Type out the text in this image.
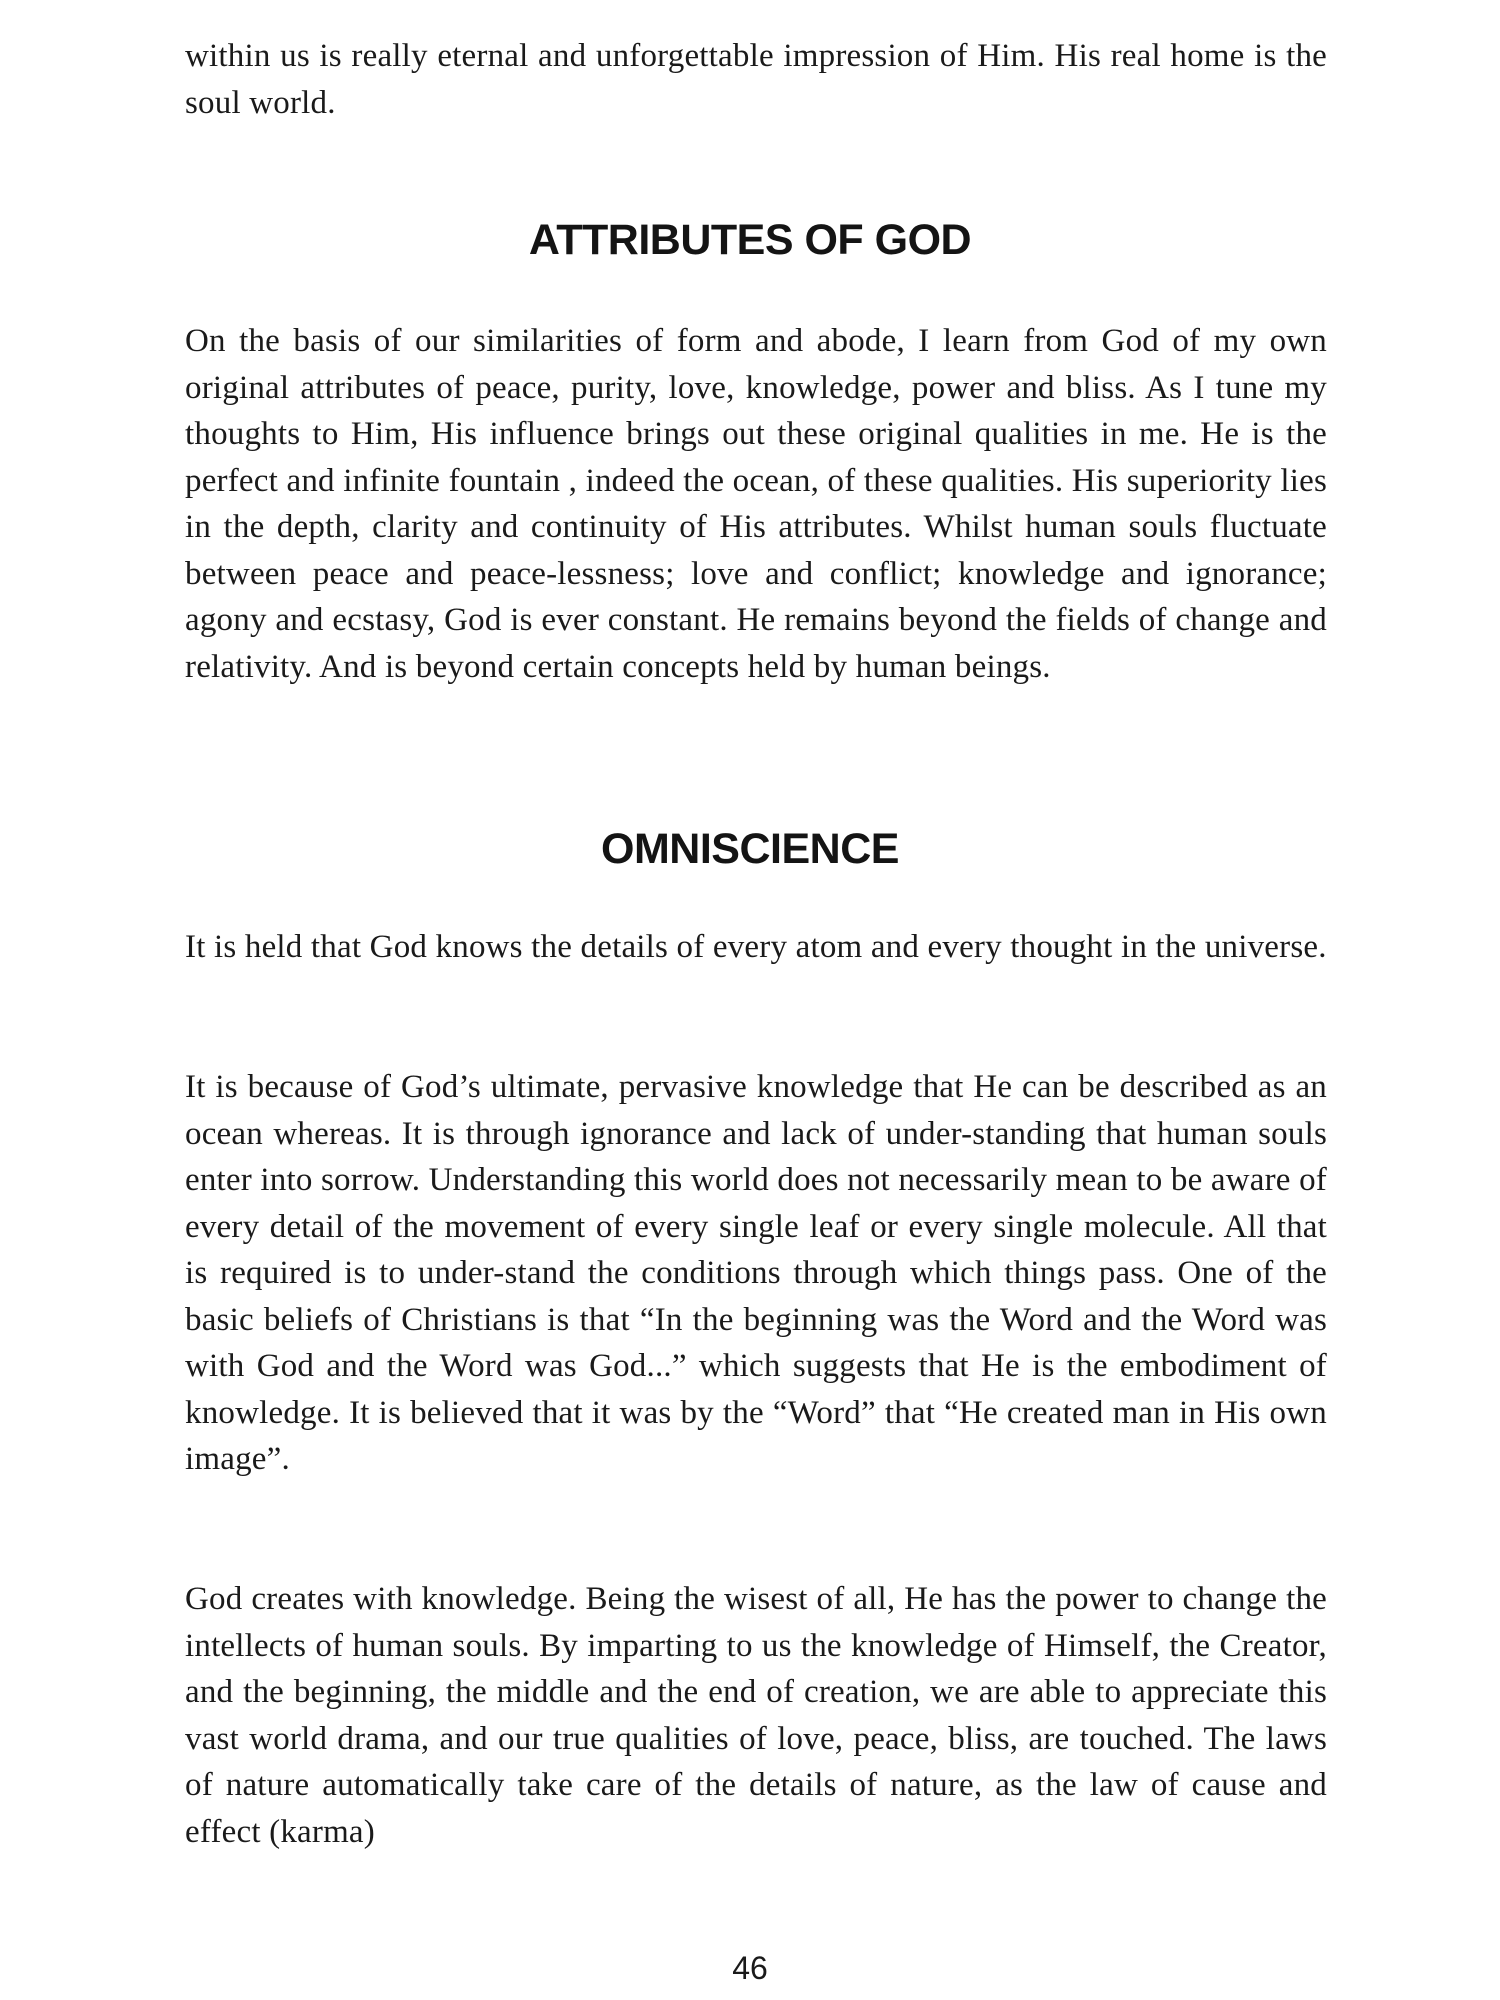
within us is really eternal and unforgettable impression of Him. His real home is the soul world.

ATTRIBUTES OF GOD

On the basis of our similarities of form and abode, I learn from God of my own original attributes of peace, purity, love, knowledge, power and bliss. As I tune my thoughts to Him, His influence brings out these original qualities in me. He is the perfect and infinite fountain , indeed the ocean, of these qualities. His superiority lies in the depth, clarity and continuity of His attributes. Whilst human souls fluctuate between peace and peace-lessness; love and conflict; knowledge and ignorance; agony and ecstasy, God is ever constant. He remains beyond the fields of change and relativity. And is beyond certain concepts held by human beings.

OMNISCIENCE

It is held that God knows the details of every atom and every thought in the universe.

It is because of God’s ultimate, pervasive knowledge that He can be described as an ocean whereas. It is through ignorance and lack of under-standing that human souls enter into sorrow. Understanding this world does not necessarily mean to be aware of every detail of the movement of every single leaf or every single molecule. All that is required is to under-stand the conditions through which things pass. One of the basic beliefs of Christians is that “In the beginning was the Word and the Word was with God and the Word was God...” which suggests that He is the embodiment of knowledge. It is believed that it was by the “Word” that “He created man in His own image”.

God creates with knowledge. Being the wisest of all, He has the power to change the intellects of human souls. By imparting to us the knowledge of Himself, the Creator, and the beginning, the middle and the end of creation, we are able to appreciate this vast world drama, and our true qualities of love, peace, bliss, are touched. The laws of nature automatically take care of the details of nature, as the law of cause and effect (karma)

46
